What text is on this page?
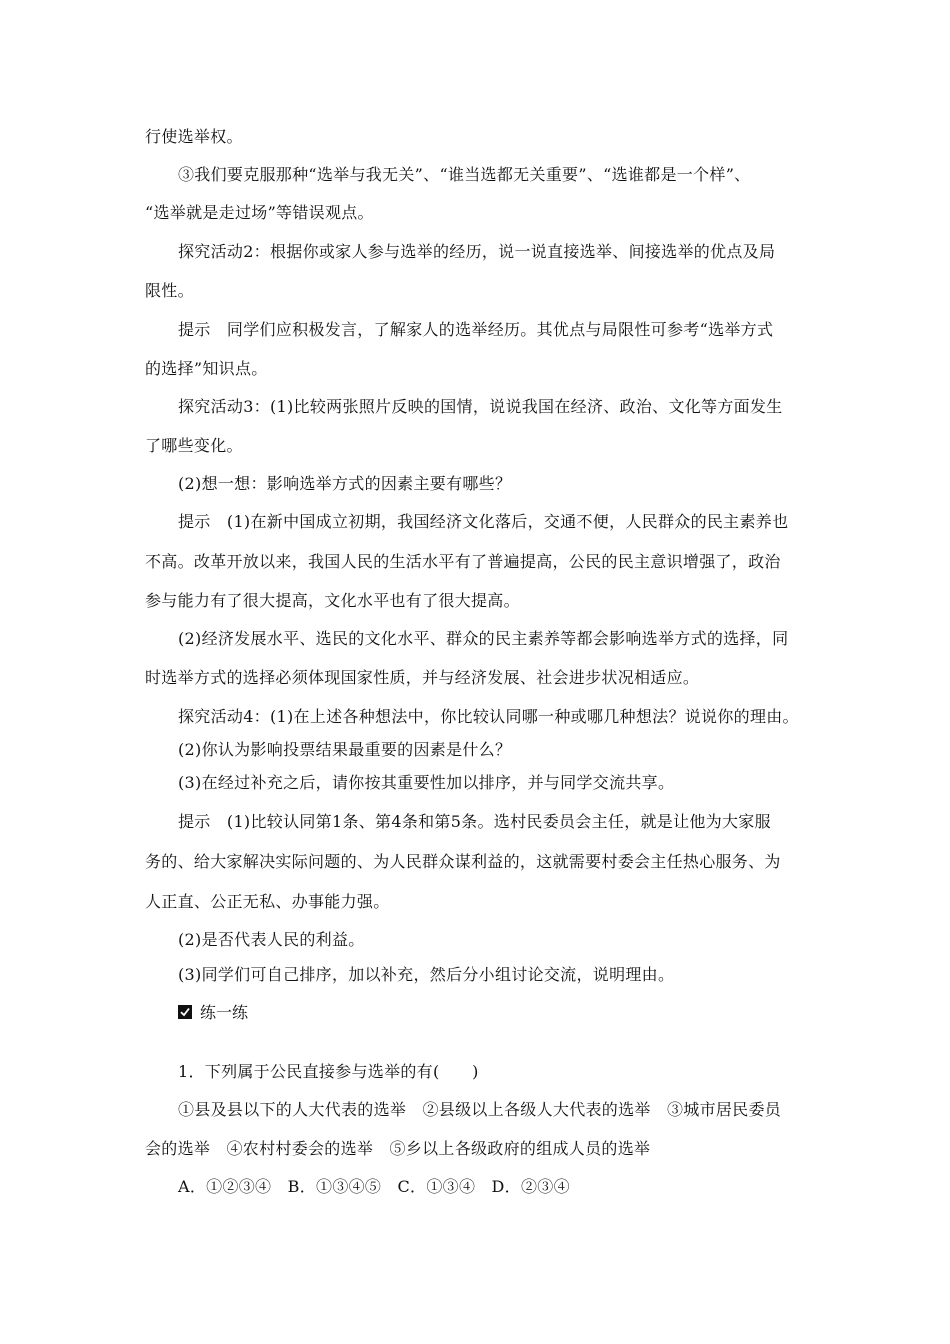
行使选举权。
③我们要克服那种“选举与我无关”、“谁当选都无关重要”、“选谁都是一个样”、
“选举就是走过场”等错误观点。
探究活动2：根据你或家人参与选举的经历，说一说直接选举、间接选举的优点及局
限性。
提示　同学们应积极发言，了解家人的选举经历。其优点与局限性可参考“选举方式
的选择”知识点。
探究活动3：(1)比较两张照片反映的国情，说说我国在经济、政治、文化等方面发生
了哪些变化。
(2)想一想：影响选举方式的因素主要有哪些？
提示　(1)在新中国成立初期，我国经济文化落后，交通不便，人民群众的民主素养也
不高。改革开放以来，我国人民的生活水平有了普遍提高，公民的民主意识增强了，政治
参与能力有了很大提高，文化水平也有了很大提高。
(2)经济发展水平、选民的文化水平、群众的民主素养等都会影响选举方式的选择，同
时选举方式的选择必须体现国家性质，并与经济发展、社会进步状况相适应。
探究活动4：(1)在上述各种想法中，你比较认同哪一种或哪几种想法？说说你的理由。
(2)你认为影响投票结果最重要的因素是什么？
(3)在经过补充之后，请你按其重要性加以排序，并与同学交流共享。
提示　(1)比较认同第1条、第4条和第5条。选村民委员会主任，就是让他为大家服
务的、给大家解决实际问题的、为人民群众谋利益的，这就需要村委会主任热心服务、为
人正直、公正无私、办事能力强。
(2)是否代表人民的利益。
(3)同学们可自己排序，加以补充，然后分小组讨论交流，说明理由。
练一练
1．下列属于公民直接参与选举的有(　　)
①县及县以下的人大代表的选举　②县级以上各级人大代表的选举　③城市居民委员
会的选举　④农村村委会的选举　⑤乡以上各级政府的组成人员的选举
A．①②③④　B．①③④⑤　C．①③④　D．②③④
